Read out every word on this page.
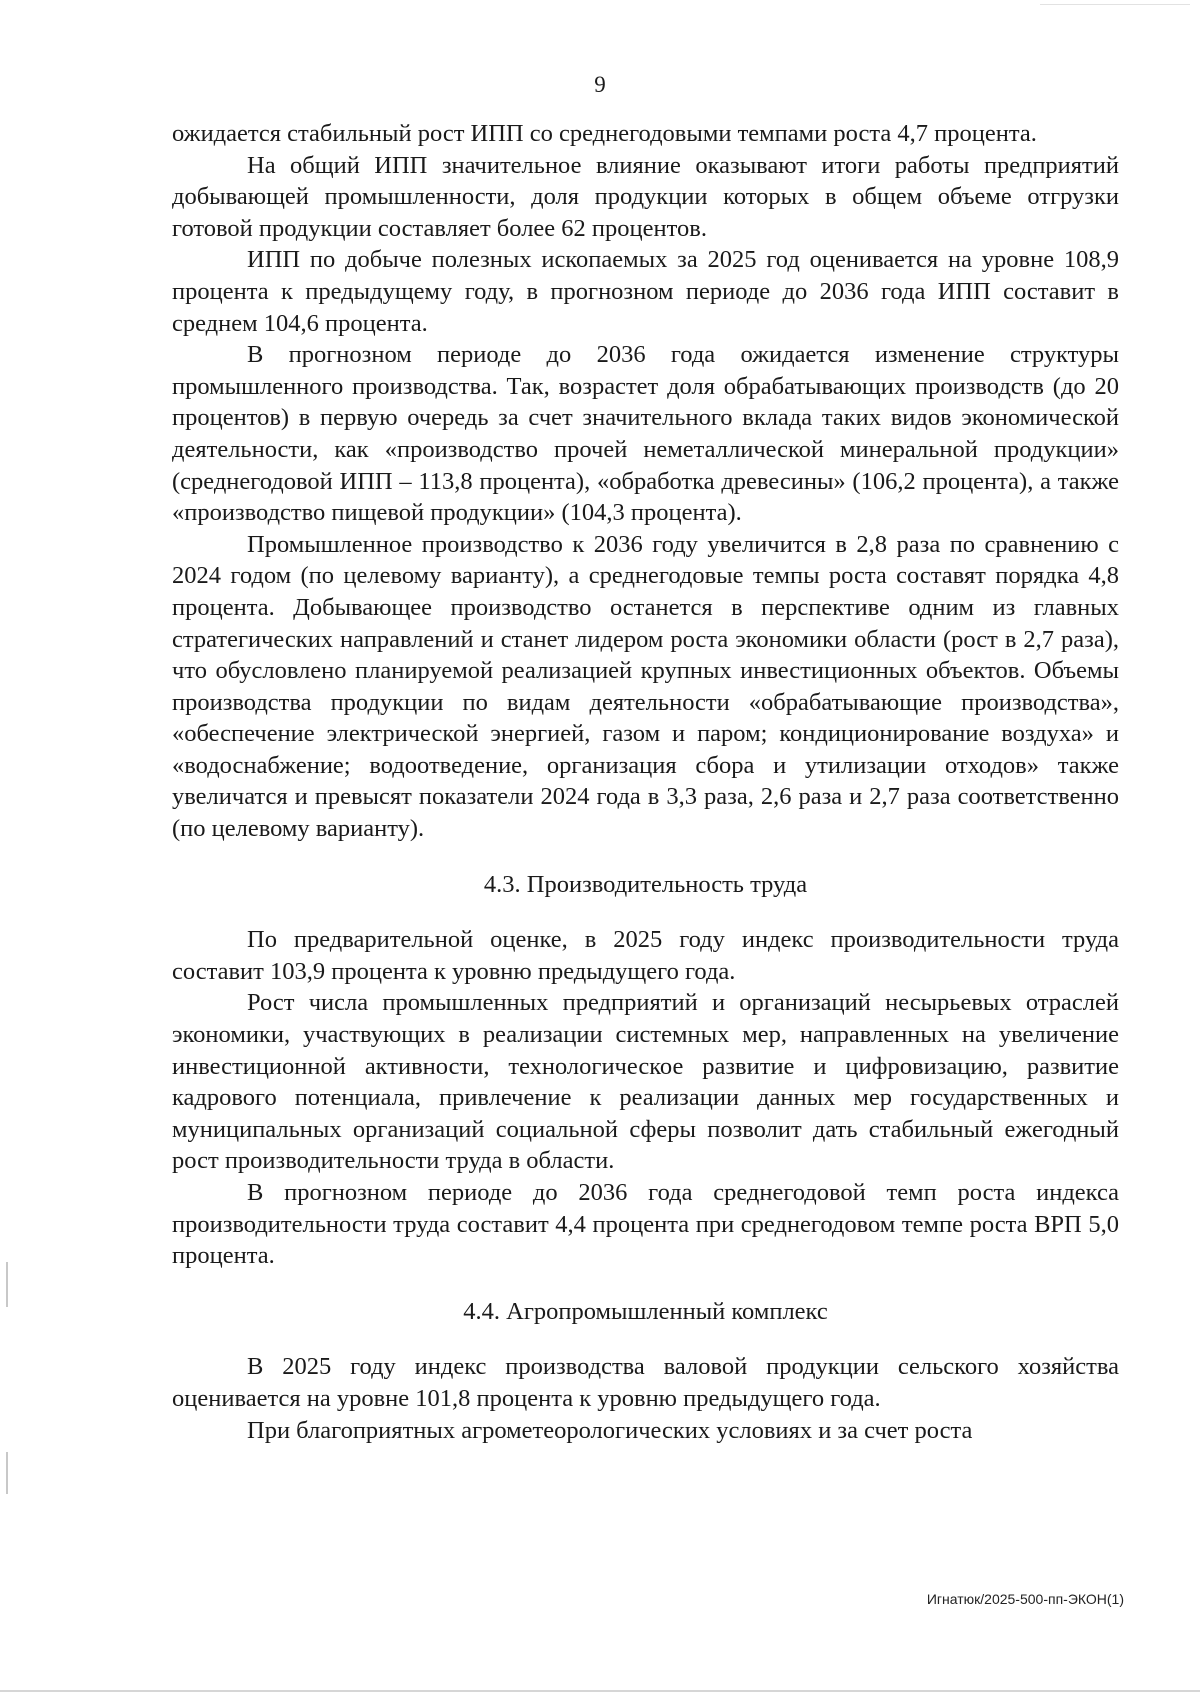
9

ожидается стабильный рост ИПП со среднегодовыми темпами роста 4,7 процента.

На общий ИПП значительное влияние оказывают итоги работы предприятий добывающей промышленности, доля продукции которых в общем объеме отгрузки готовой продукции составляет более 62 процентов.

ИПП по добыче полезных ископаемых за 2025 год оценивается на уровне 108,9 процента к предыдущему году, в прогнозном периоде до 2036 года ИПП составит в среднем 104,6 процента.

В прогнозном периоде до 2036 года ожидается изменение структуры промышленного производства. Так, возрастет доля обрабатывающих производств (до 20 процентов) в первую очередь за счет значительного вклада таких видов экономической деятельности, как «производство прочей неметаллической минеральной продукции» (среднегодовой ИПП – 113,8 процента), «обработка древесины» (106,2 процента), а также «производство пищевой продукции» (104,3 процента).

Промышленное производство к 2036 году увеличится в 2,8 раза по сравнению с 2024 годом (по целевому варианту), а среднегодовые темпы роста составят порядка 4,8 процента. Добывающее производство останется в перспективе одним из главных стратегических направлений и станет лидером роста экономики области (рост в 2,7 раза), что обусловлено планируемой реализацией крупных инвестиционных объектов. Объемы производства продукции по видам деятельности «обрабатывающие производства», «обеспечение электрической энергией, газом и паром; кондиционирование воздуха» и «водоснабжение; водоотведение, организация сбора и утилизации отходов» также увеличатся и превысят показатели 2024 года в 3,3 раза, 2,6 раза и 2,7 раза соответственно (по целевому варианту).

4.3. Производительность труда

По предварительной оценке, в 2025 году индекс производительности труда составит 103,9 процента к уровню предыдущего года.

Рост числа промышленных предприятий и организаций несырьевых отраслей экономики, участвующих в реализации системных мер, направленных на увеличение инвестиционной активности, технологическое развитие и цифровизацию, развитие кадрового потенциала, привлечение к реализации данных мер государственных и муниципальных организаций социальной сферы позволит дать стабильный ежегодный рост производительности труда в области.

В прогнозном периоде до 2036 года среднегодовой темп роста индекса производительности труда составит 4,4 процента при среднегодовом темпе роста ВРП 5,0 процента.

4.4. Агропромышленный комплекс

В 2025 году индекс производства валовой продукции сельского хозяйства оценивается на уровне 101,8 процента к уровню предыдущего года.

При благоприятных агрометеорологических условиях и за счет роста

Игнатюк/2025-500-пп-ЭКОН(1)
